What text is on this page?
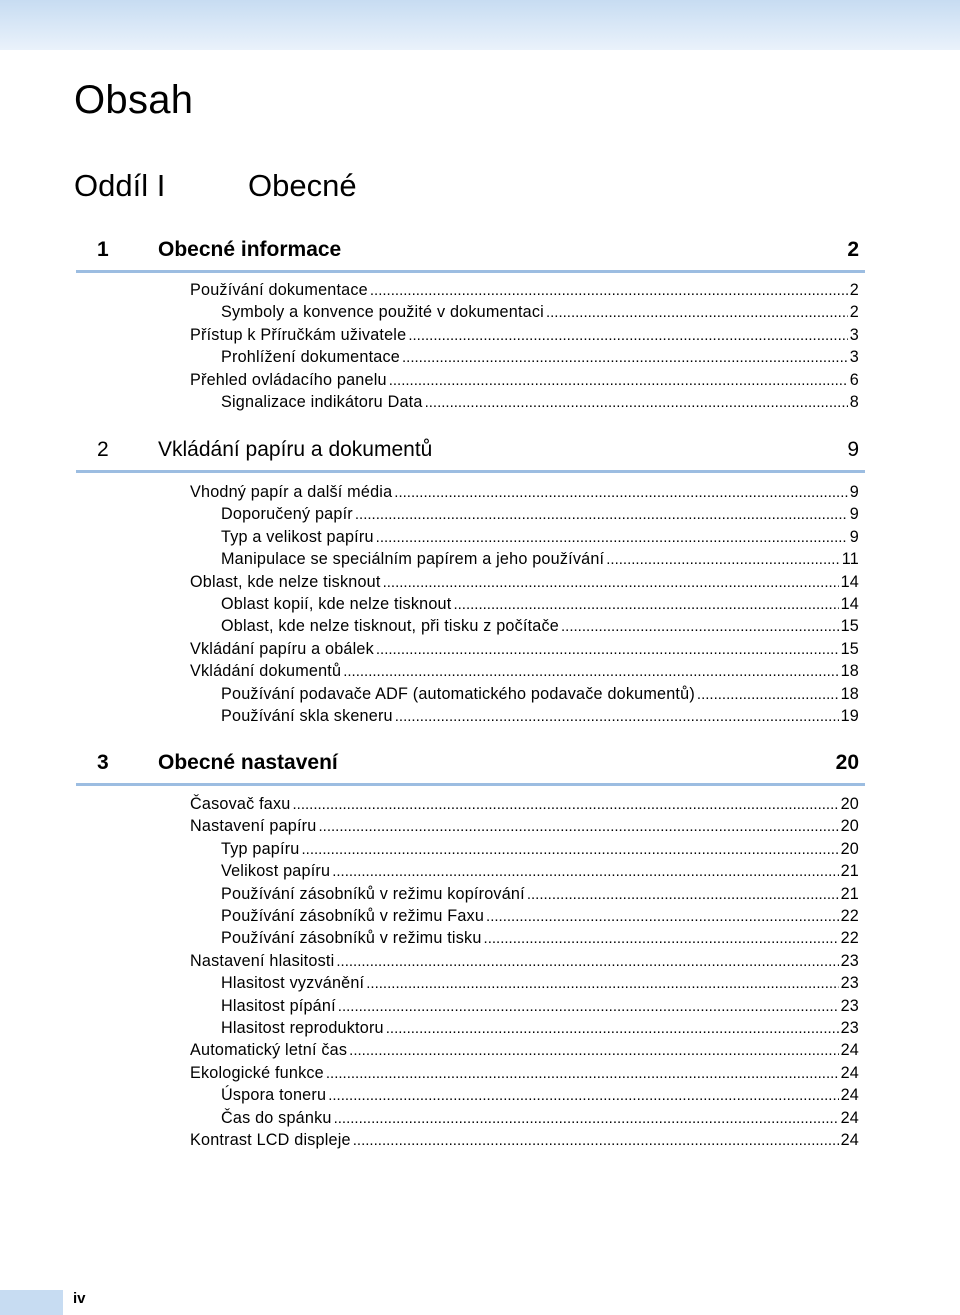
Obsah
Oddíl I	Obecné
1 Obecné informace	2
Používání dokumentace .....	2
Symboly a konvence použité v dokumentaci .....	2
Přístup k Příručkám uživatele .....	3
Prohlížení dokumentace .....	3
Přehled ovládacího panelu .....	6
Signalizace indikátoru Data .....	8
2 Vkládání papíru a dokumentů	9
Vhodný papír a další média .....	9
Doporučený papír .....	9
Typ a velikost papíru .....	9
Manipulace se speciálním papírem a jeho používání .....	11
Oblast, kde nelze tisknout .....	14
Oblast kopií, kde nelze tisknout .....	14
Oblast, kde nelze tisknout, při tisku z počítače .....	15
Vkládání papíru a obálek .....	15
Vkládání dokumentů .....	18
Používání podavače ADF (automatického podavače dokumentů) .....	18
Používání skla skeneru .....	19
3 Obecné nastavení	20
Časovač faxu .....	20
Nastavení papíru .....	20
Typ papíru .....	20
Velikost papíru .....	21
Používání zásobníků v režimu kopírování .....	21
Používání zásobníků v režimu Faxu .....	22
Používání zásobníků v režimu tisku .....	22
Nastavení hlasitosti .....	23
Hlasitost vyzvánění .....	23
Hlasitost pípání .....	23
Hlasitost reproduktoru .....	23
Automatický letní čas .....	24
Ekologické funkce .....	24
Úspora toneru .....	24
Čas do spánku .....	24
Kontrast LCD displeje .....	24
iv
